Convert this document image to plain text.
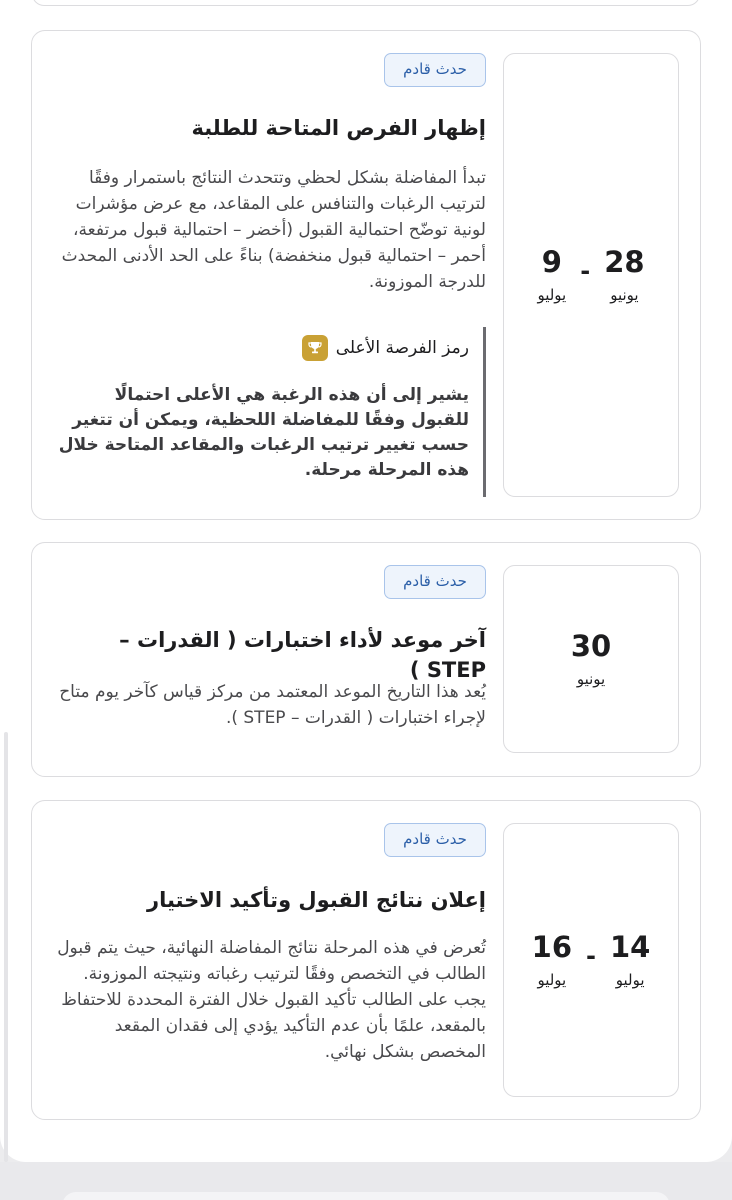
28
يونيو
-
9
يوليو
حدث قادم
إظهار الفرص المتاحة للطلبة
تبدأ المفاضلة بشكل لحظي وتتحدث النتائج باستمرار وفقًا لترتيب الرغبات والتنافس على المقاعد، مع عرض مؤشرات لونية توضّح احتمالية القبول (أخضر – احتمالية قبول مرتفعة، أحمر – احتمالية قبول منخفضة) بناءً على الحد الأدنى المحدث للدرجة الموزونة.
رمز الفرصة الأعلى
يشير إلى أن هذه الرغبة هي الأعلى احتمالًا للقبول وفقًا للمفاضلة اللحظية، ويمكن أن تتغير حسب تغيير ترتيب الرغبات والمقاعد المتاحة خلال هذه المرحلة مرحلة.
30
يونيو
حدث قادم
آخر موعد لأداء اختبارات ( القدرات – STEP )
يُعد هذا التاريخ الموعد المعتمد من مركز قياس كآخر يوم متاح لإجراء اختبارات ( القدرات – STEP ).
14
يوليو
-
16
يوليو
حدث قادم
إعلان نتائج القبول وتأكيد الاختيار
تُعرض في هذه المرحلة نتائج المفاضلة النهائية، حيث يتم قبول الطالب في التخصص وفقًا لترتيب رغباته ونتيجته الموزونة. يجب على الطالب تأكيد القبول خلال الفترة المحددة للاحتفاظ بالمقعد، علمًا بأن عدم التأكيد يؤدي إلى فقدان المقعد المخصص بشكل نهائي.
